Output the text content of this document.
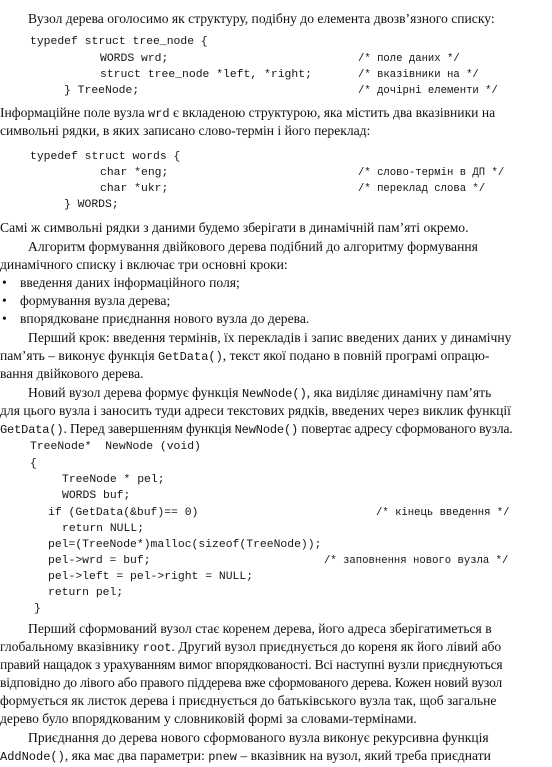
Вузол дерева оголосимо як структуру, подібну до елемента двозв’язного списку:

typedef struct tree_node {
WORDS wrd;
struct tree_node *left, *right;
} TreeNode;
/* поле даних */
/* вказівники на */
/* дочірні елементи */

Інформаційне поле вузла wrd є вкладеною структурою, яка містить два вказівники на

символьні рядки, в яких записано слово-термін і його переклад:

typedef struct words {
char *eng;
char *ukr;
} WORDS;
/* слово-термін в ДП */
/* переклад слова */

Самі ж символьні рядки з даними будемо зберігати в динамічній пам’яті окремо.

Алгоритм формування двійкового дерева подібний до алгоритму формування

динамічного списку і включає три основні кроки:

• введення даних інформаційного поля;
• формування вузла дерева;
• впорядковане приєднання нового вузла до дерева.

Перший крок: введення термінів, їх перекладів і запис введених даних у динамічну

пам’ять – виконує функція GetData(), текст якої подано в повній програмі опрацю-

вання двійкового дерева.

Новий вузол дерева формує функція NewNode(), яка виділяє динамічну пам’ять

для цього вузла і заносить туди адреси текстових рядків, введених через виклик функції

GetData(). Перед завершенням функція NewNode() повертає адресу сформованого вузла.

TreeNode*  NewNode (void)
{
TreeNode * pel;
WORDS buf;
if (GetData(&buf)== 0)
return NULL;
pel=(TreeNode*)malloc(sizeof(TreeNode));
pel->wrd = buf;
pel->left = pel->right = NULL;
return pel;
}
/* кінець введення */
/* заповнення нового вузла */

Перший сформований вузол стає коренем дерева, його адреса зберігатиметься в

глобальному вказівнику root. Другий вузол приєднується до кореня як його лівий або

правий нащадок з урахуванням вимог впорядкованості. Всі наступні вузли приєднуються

відповідно до лівого або правого піддерева вже сформованого дерева. Кожен новий вузол

формується як листок дерева і приєднується до батьківського вузла так, щоб загальне

дерево було впорядкованим у словниковій формі за словами-термінами.

Приєднання до дерева нового сформованого вузла виконує рекурсивна функція

AddNode(), яка має два параметри: pnew – вказівник на вузол, який треба приєднати
